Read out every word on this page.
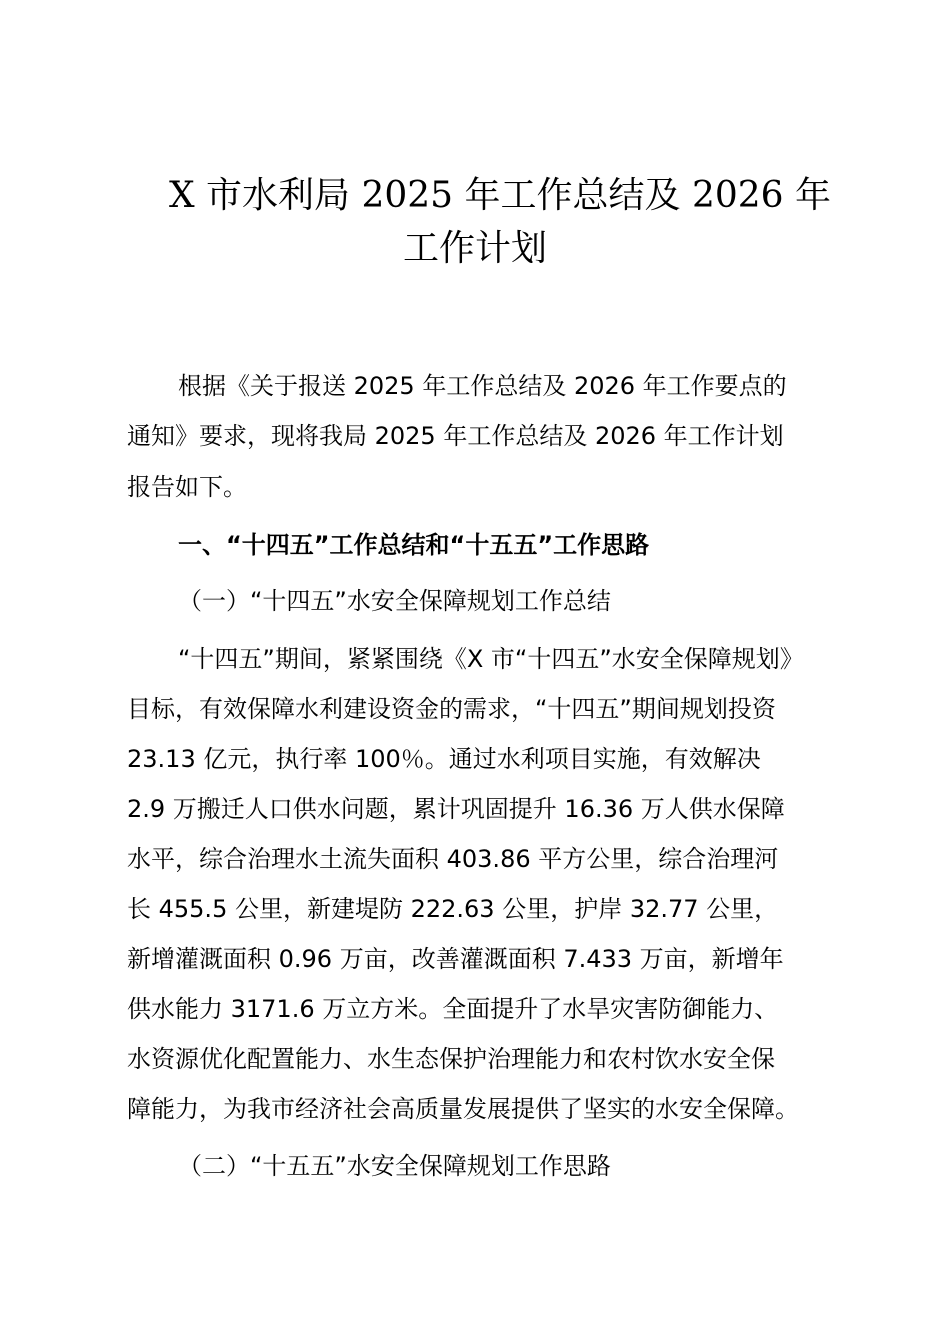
X 市水利局 2025 年工作总结及 2026 年
工作计划
根据《关于报送 2025 年工作总结及 2026 年工作要点的
通知》要求，现将我局 2025 年工作总结及 2026 年工作计划
报告如下。
一、“十四五”工作总结和“十五五”工作思路
（一）“十四五”水安全保障规划工作总结
“十四五”期间，紧紧围绕《X 市“十四五”水安全保障规划》
目标，有效保障水利建设资金的需求，“十四五”期间规划投资
23.13 亿元，执行率 100％。通过水利项目实施，有效解决
2.9 万搬迁人口供水问题，累计巩固提升 16.36 万人供水保障
水平，综合治理水土流失面积 403.86 平方公里，综合治理河
长 455.5 公里，新建堤防 222.63 公里，护岸 32.77 公里，
新增灌溉面积 0.96 万亩，改善灌溉面积 7.433 万亩，新增年
供水能力 3171.6 万立方米。全面提升了水旱灾害防御能力、
水资源优化配置能力、水生态保护治理能力和农村饮水安全保
障能力，为我市经济社会高质量发展提供了坚实的水安全保障。
（二）“十五五”水安全保障规划工作思路
